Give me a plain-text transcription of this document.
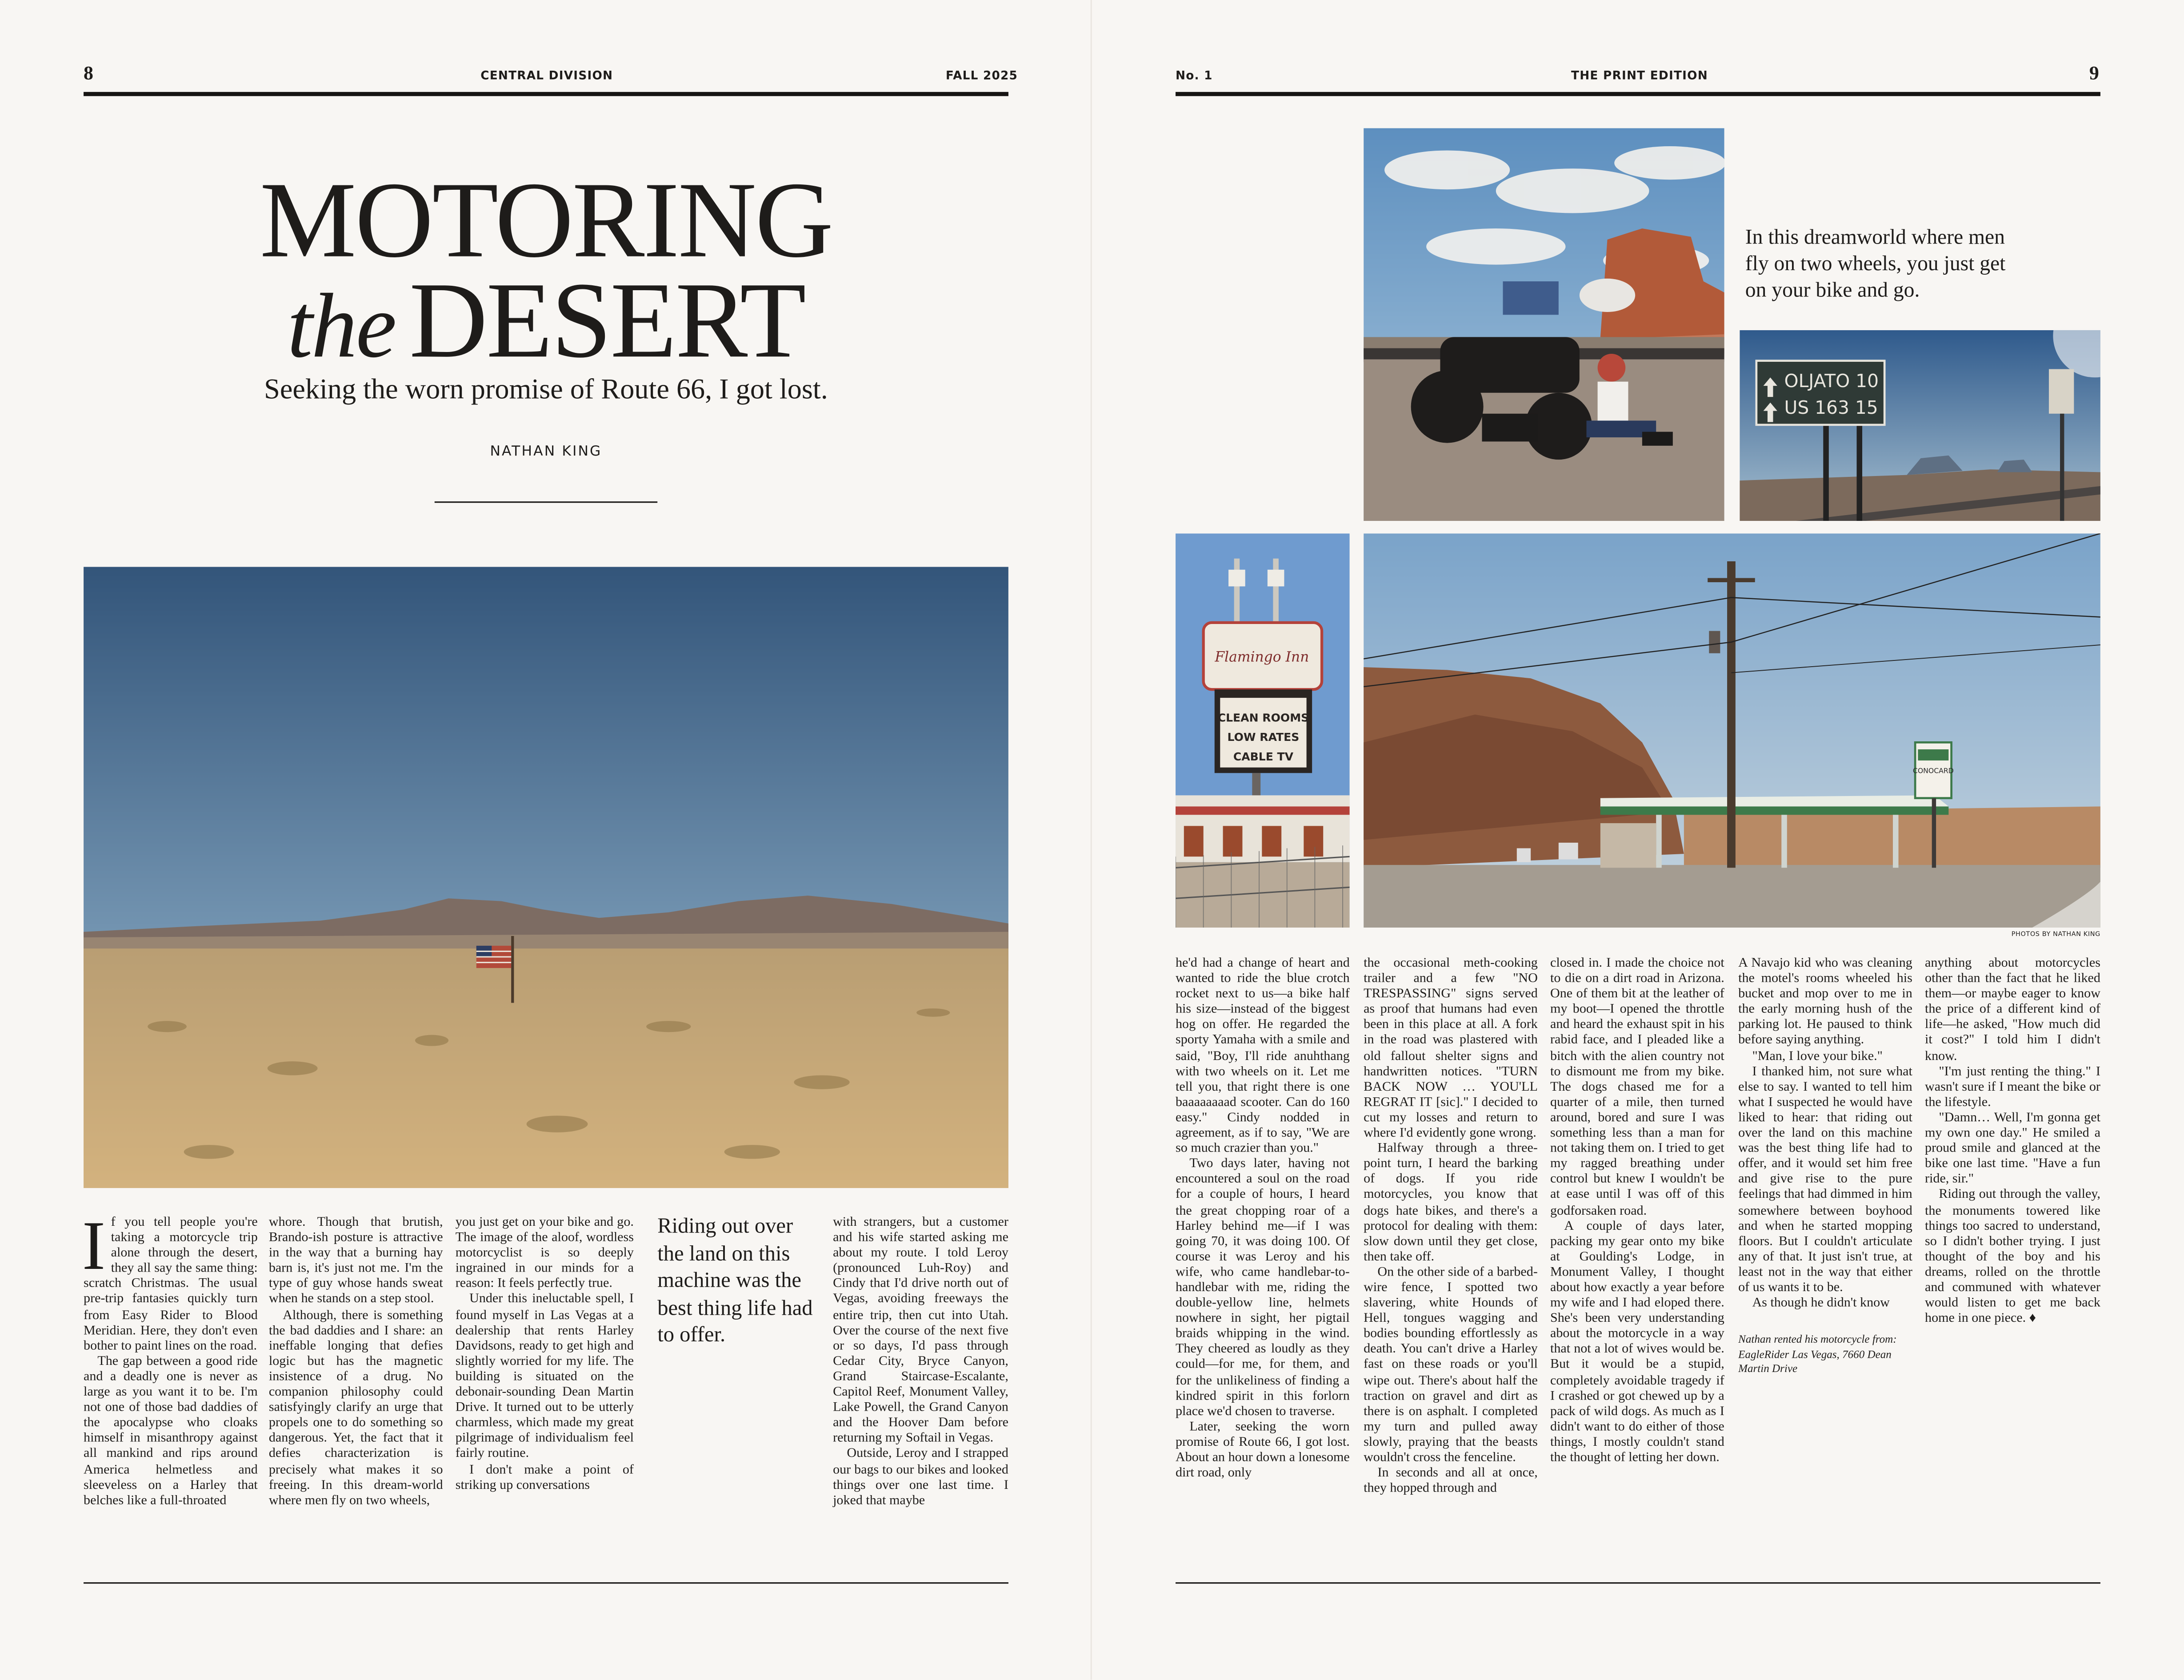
8	CENTRAL DIVISION	FALL 2025
MOTORING
the DESERT
Seeking the worn promise of Route 66, I got lost.
NATHAN KING
I	f you tell people you're taking a motorcycle trip alone through the desert, they all say the same thing: scratch Christmas. The usual pre-trip fantasies quickly turn from Easy Rider to Blood Meridian. Here, they don't even bother to paint lines on the road.

The gap between a good ride and a deadly one is never as large as you want it to be. I'm not one of those bad daddies of the apocalypse who cloaks himself in misanthropy against all mankind and rips around America helmetless and sleeveless on a Harley that belches like a full-throated

whore. Though that brutish, Brando-ish posture is attractive in the way that a burning hay barn is, it's just not me. I'm the type of guy whose hands sweat when he stands on a step stool.

Although, there is something the bad daddies and I share: an ineffable longing that defies logic but has the magnetic insistence of a drug. No companion philosophy could satisfyingly clarify an urge that propels one to do something so dangerous. Yet, the fact that it defies characterization is precisely what makes it so freeing. In this dream-world where men fly on two wheels,

you just get on your bike and go. The image of the aloof, wordless motorcyclist is so deeply ingrained in our minds for a reason: It feels perfectly true.

Under this ineluctable spell, I found myself in Las Vegas at a dealership that rents Harley Davidsons, ready to get high and slightly worried for my life. The building is situated on the debonair-sounding Dean Martin Drive. It turned out to be utterly charmless, which made my great pilgrimage of individualism feel fairly routine.

I don't make a point of striking up conversations

Riding out over the land on this machine was the best thing life had to offer.

with strangers, but a customer and his wife started asking me about my route. I told Leroy (pronounced Luh-Roy) and Cindy that I'd drive north out of Vegas, avoiding freeways the entire trip, then cut into Utah. Over the course of the next five or so days, I'd pass through Cedar City, Bryce Canyon, Grand Staircase-Escalante, Capitol Reef, Monument Valley, Lake Powell, the Grand Canyon and the Hoover Dam before returning my Softail in Vegas.

Outside, Leroy and I strapped our bags to our bikes and looked things over one last time. I joked that maybe

No. 1	THE PRINT EDITION	9
In this dreamworld where men fly on two wheels, you just get on your bike and go.
OLJATO 10
US 163 15
Flamingo Inn
CLEAN ROOMS
LOW RATES
CABLE TV
CONOCARD
PHOTOS BY NATHAN KING

he'd had a change of heart and wanted to ride the blue crotch rocket next to us—a bike half his size—instead of the biggest hog on offer. He regarded the sporty Yamaha with a smile and said, "Boy, I'll ride anuhthang with two wheels on it. Let me tell you, that right there is one baaaaaaaad scooter. Can do 160 easy." Cindy nodded in agreement, as if to say, "We are so much crazier than you."

Two days later, having not encountered a soul on the road for a couple of hours, I heard the great chopping roar of a Harley behind me—if I was going 70, it was doing 100. Of course it was Leroy and his wife, who came handlebar-to-handlebar with me, riding the double-yellow line, helmets nowhere in sight, her pigtail braids whipping in the wind. They cheered as loudly as they could—for me, for them, and for the unlikeliness of finding a kindred spirit in this forlorn place we'd chosen to traverse.

Later, seeking the worn promise of Route 66, I got lost. About an hour down a lonesome dirt road, only

the occasional meth-cooking trailer and a few "NO TRESPASSING" signs served as proof that humans had even been in this place at all. A fork in the road was plastered with old fallout shelter signs and handwritten notices. "TURN BACK NOW … YOU'LL REGRAT IT [sic]." I decided to cut my losses and return to where I'd evidently gone wrong.

Halfway through a three-point turn, I heard the barking of dogs. If you ride motorcycles, you know that dogs hate bikes, and there's a protocol for dealing with them: slow down until they get close, then take off.

On the other side of a barbed-wire fence, I spotted two slavering, white Hounds of Hell, tongues wagging and bodies bounding effortlessly as death. You can't drive a Harley fast on these roads or you'll wipe out. There's about half the traction on gravel and dirt as there is on asphalt. I completed my turn and pulled away slowly, praying that the beasts wouldn't cross the fenceline.

In seconds and all at once, they hopped through and

closed in. I made the choice not to die on a dirt road in Arizona. One of them bit at the leather of my boot—I opened the throttle and heard the exhaust spit in his rabid face, and I pleaded like a bitch with the alien country not to dismount me from my bike. The dogs chased me for a quarter of a mile, then turned around, bored and sure I was something less than a man for not taking them on. I tried to get my ragged breathing under control but knew I wouldn't be at ease until I was off of this godforsaken road.

A couple of days later, packing my gear onto my bike at Goulding's Lodge, in Monument Valley, I thought about how exactly a year before my wife and I had eloped there. She's been very understanding about the motorcycle in a way that not a lot of wives would be. But it would be a stupid, completely avoidable tragedy if I crashed or got chewed up by a pack of wild dogs. As much as I didn't want to do either of those things, I mostly couldn't stand the thought of letting her down.

A Navajo kid who was cleaning the motel's rooms wheeled his bucket and mop over to me in the early morning hush of the parking lot. He paused to think before saying anything.

"Man, I love your bike."

I thanked him, not sure what else to say. I wanted to tell him what I suspected he would have liked to hear: that riding out over the land on this machine was the best thing life had to offer, and it would set him free and give rise to the pure feelings that had dimmed in him somewhere between boyhood and when he started mopping floors. But I couldn't articulate any of that. It just isn't true, at least not in the way that either of us wants it to be.

As though he didn't know

Nathan rented his motorcycle from: EagleRider Las Vegas, 7660 Dean Martin Drive

anything about motorcycles other than the fact that he liked them—or maybe eager to know the price of a different kind of life—he asked, "How much did it cost?" I told him I didn't know.

"I'm just renting the thing." I wasn't sure if I meant the bike or the lifestyle.

"Damn… Well, I'm gonna get my own one day." He smiled a proud smile and glanced at the bike one last time. "Have a fun ride, sir."

Riding out through the valley, the monuments towered like things too sacred to understand, so I didn't bother trying. I just thought of the boy and his dreams, rolled on the throttle and communed with whatever would listen to get me back home in one piece. ♦
